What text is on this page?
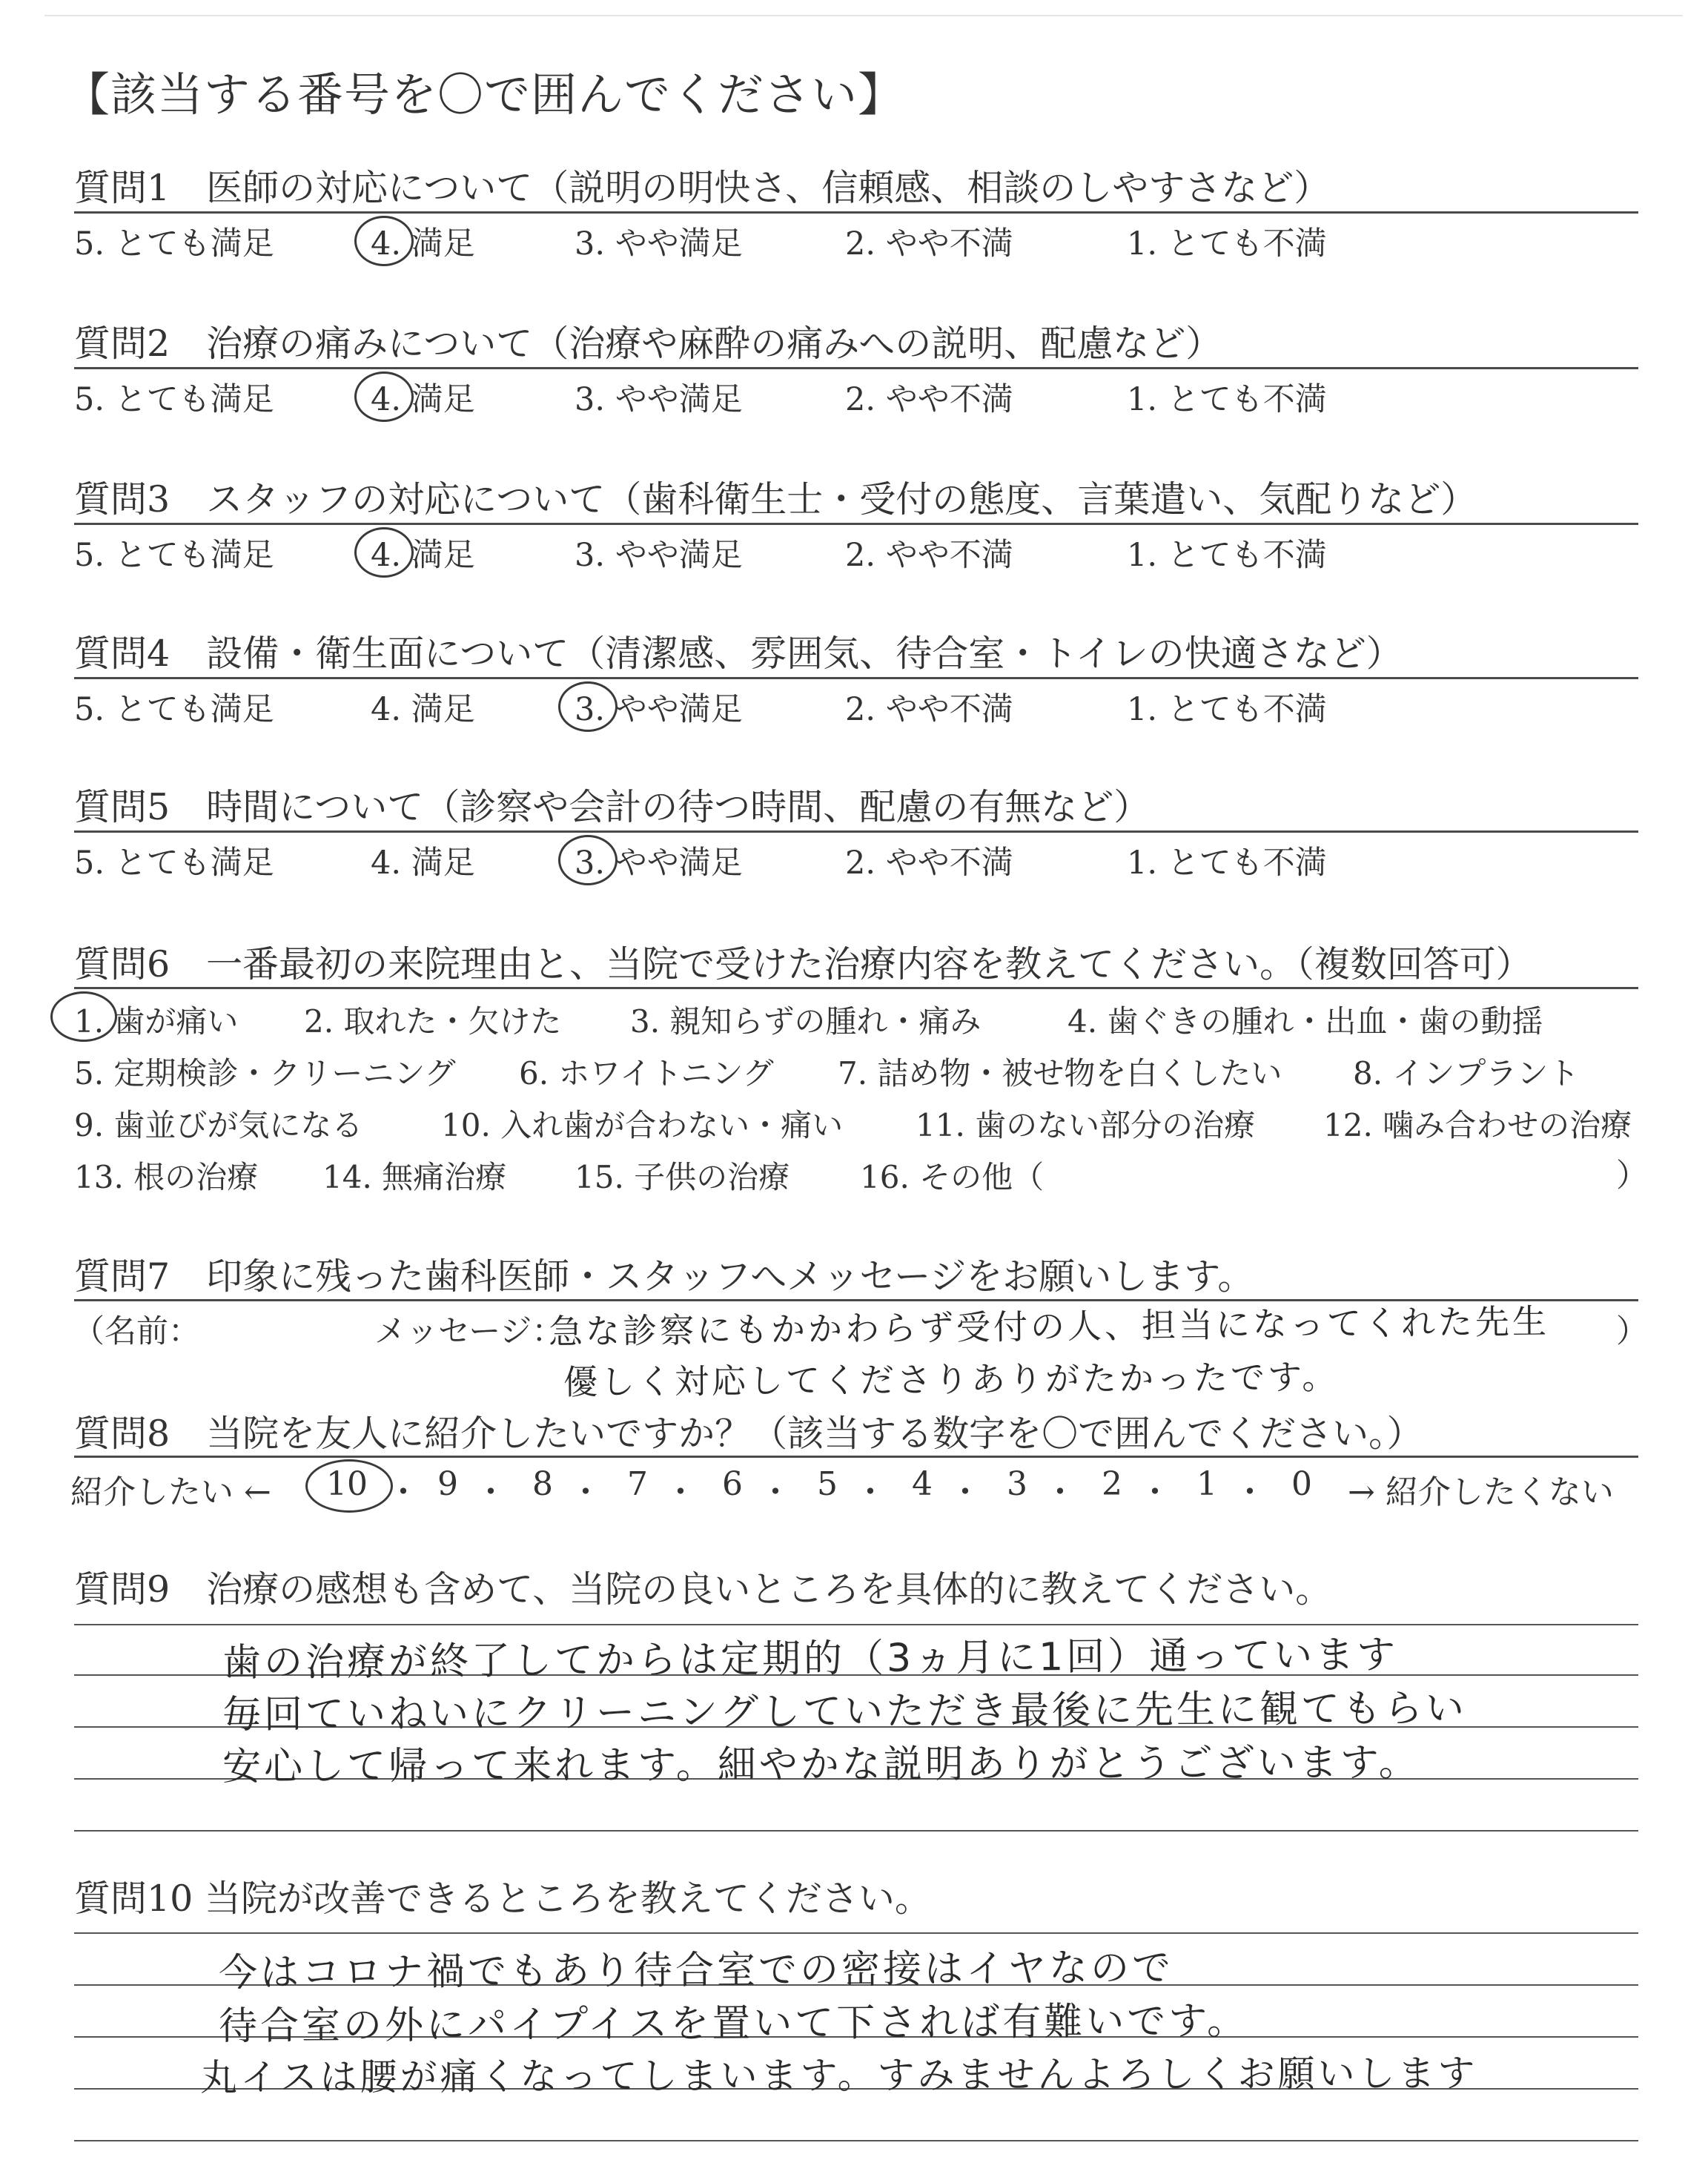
【該当する番号を〇で囲んでください】
質問1　医師の対応について（説明の明快さ、信頼感、相談のしやすさなど）
5. とても満足	4. 満足	3. やや満足	2. やや不満	1. とても不満
質問2　治療の痛みについて（治療や麻酔の痛みへの説明、配慮など）
5. とても満足	4. 満足	3. やや満足	2. やや不満	1. とても不満
質問3　スタッフの対応について（歯科衛生士・受付の態度、言葉遣い、気配りなど）
5. とても満足	4. 満足	3. やや満足	2. やや不満	1. とても不満
質問4　設備・衛生面について（清潔感、雰囲気、待合室・トイレの快適さなど）
5. とても満足	4. 満足	3. やや満足	2. やや不満	1. とても不満
質問5　時間について（診察や会計の待つ時間、配慮の有無など）
5. とても満足	4. 満足	3. やや満足	2. やや不満	1. とても不満
質問6　一番最初の来院理由と、当院で受けた治療内容を教えてください。（複数回答可）
1. 歯が痛い 2. 取れた・欠けた 3. 親知らずの腫れ・痛み	4. 歯ぐきの腫れ・出血・歯の動揺
5. 定期検診・クリーニング 6. ホワイトニング 7. 詰め物・被せ物を白くしたい 8. インプラント
9. 歯並びが気になる	10. 入れ歯が合わない・痛い 11. 歯のない部分の治療 12. 噛み合わせの治療
13. 根の治療 14. 無痛治療 15. 子供の治療 16. その他（	）
質問7　印象に残った歯科医師・スタッフへメッセージをお願いします。
（名前：	メッセージ：	）
急な診察にもかかわらず受付の人、担当になってくれた先生
優しく対応してくださりありがたかったです。
質問8　当院を友人に紹介したいですか？（該当する数字を〇で囲んでください。）
紹介したい ← 10 ・ 9 ・ 8 ・ 7 ・ 6 ・ 5 ・ 4 ・ 3 ・ 2 ・ 1 ・ 0 → 紹介したくない
質問9　治療の感想も含めて、当院の良いところを具体的に教えてください。
歯の治療が終了してからは定期的（3ヵ月に1回）通っています
毎回ていねいにクリーニングしていただき最後に先生に観てもらい
安心して帰って来れます。細やかな説明ありがとうございます。
質問10 当院が改善できるところを教えてください。
今はコロナ禍でもあり待合室での密接はイヤなので
待合室の外にパイプイスを置いて下されば有難いです。
丸イスは腰が痛くなってしまいます。すみませんよろしくお願いします
